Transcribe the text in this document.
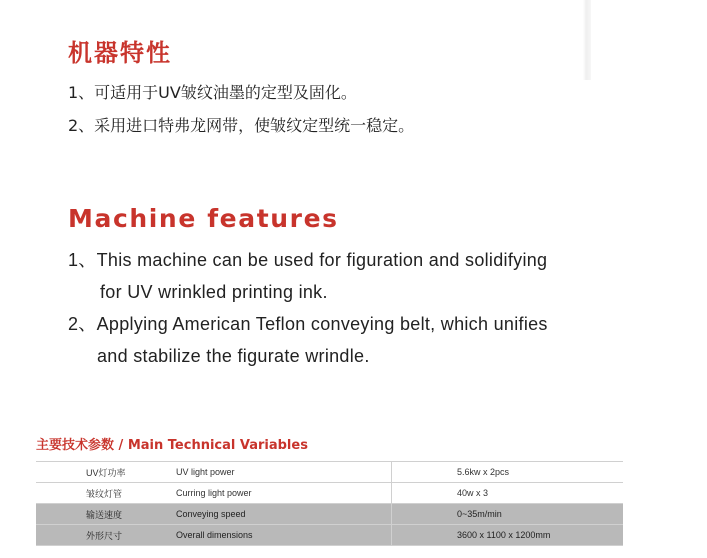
机器特性

1、可适用于UV皱纹油墨的定型及固化。

2、采用进口特弗龙网带，使皱纹定型统一稳定。

Machine features

1、This machine can be used for figuration and solidifying

for UV wrinkled printing ink.

2、Applying American Teflon conveying belt, which unifies

and stabilize the figurate wrindle.

主要技术参数 / Main Technical Variables
UV灯功率	UV light power	5.6kw x 2pcs
皱纹灯管	Curring light power	40w x 3
输送速度	Conveying speed	0~35m/min
外形尺寸	Overall dimensions	3600 x 1100 x 1200mm
